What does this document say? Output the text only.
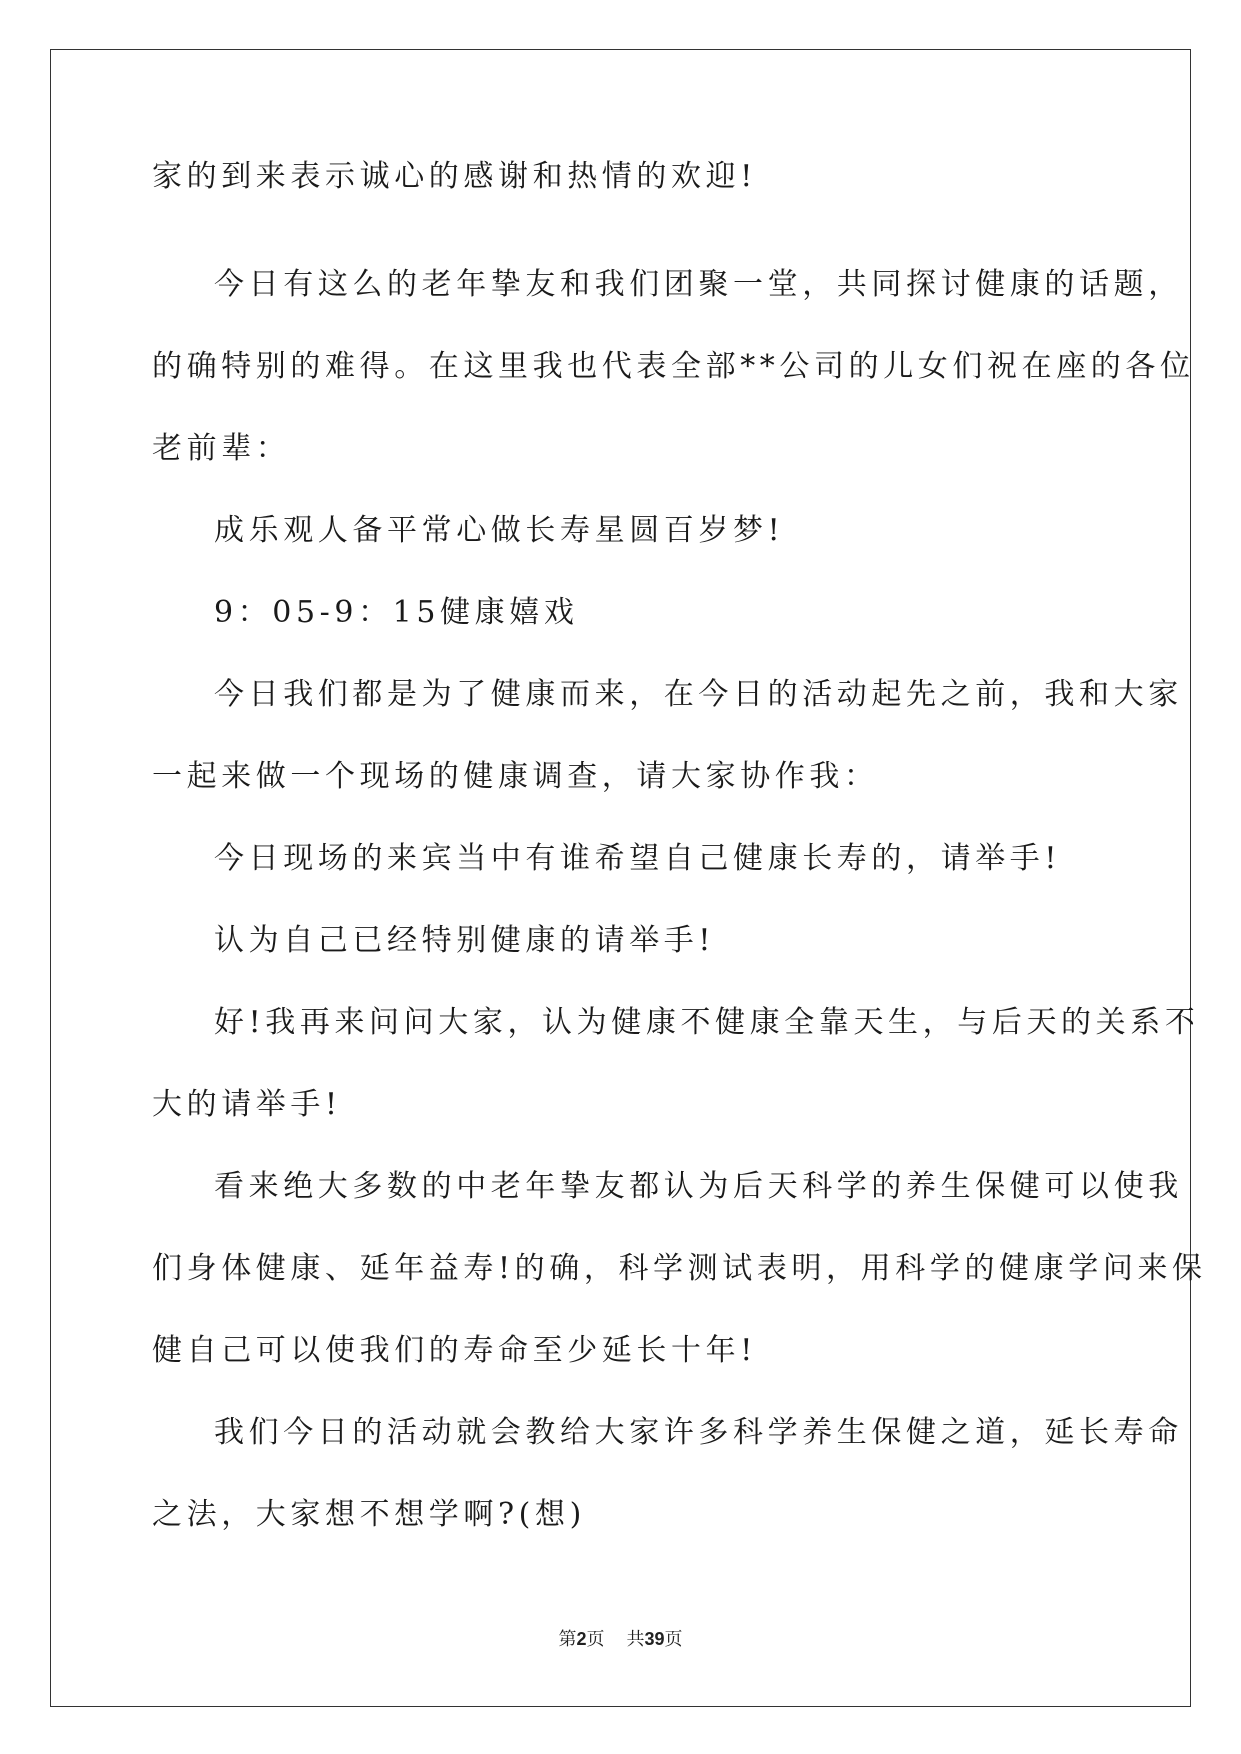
家的到来表示诚心的感谢和热情的欢迎!
今日有这么的老年挚友和我们团聚一堂，共同探讨健康的话题，
的确特别的难得。在这里我也代表全部**公司的儿女们祝在座的各位
老前辈：
成乐观人备平常心做长寿星圆百岁梦!
9：05-9：15健康嬉戏
今日我们都是为了健康而来，在今日的活动起先之前，我和大家
一起来做一个现场的健康调查，请大家协作我：
今日现场的来宾当中有谁希望自己健康长寿的，请举手!
认为自己已经特别健康的请举手!
好!我再来问问大家，认为健康不健康全靠天生，与后天的关系不
大的请举手!
看来绝大多数的中老年挚友都认为后天科学的养生保健可以使我
们身体健康、延年益寿!的确，科学测试表明，用科学的健康学问来保
健自己可以使我们的寿命至少延长十年!
我们今日的活动就会教给大家许多科学养生保健之道，延长寿命
之法，大家想不想学啊?(想)
第2页 共39页
